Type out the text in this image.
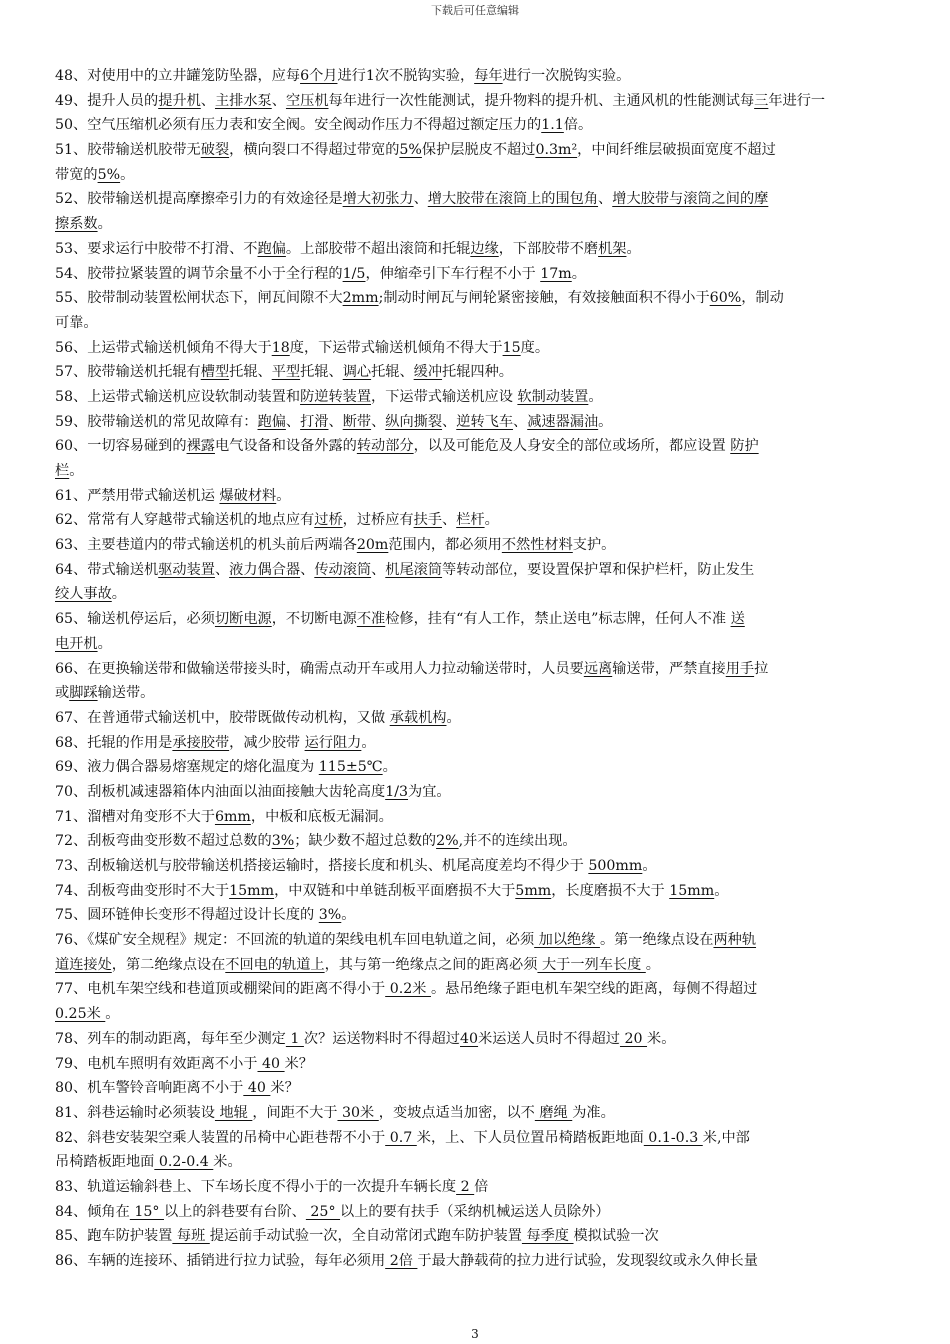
下载后可任意编辑
48、对使用中的立井罐笼防坠器，应每6个月进行1次不脱钩实验，每年进行一次脱钩实验。
49、提升人员的提升机、主排水泵、空压机每年进行一次性能测试，提升物料的提升机、主通风机的性能测试每三年进行一
50、空气压缩机必须有压力表和安全阀。安全阀动作压力不得超过额定压力的1.1倍。
51、胶带输送机胶带无破裂，横向裂口不得超过带宽的5%保护层脱皮不超过0.3m²，中间纤维层破损面宽度不超过
带宽的5%。
52、胶带输送机提高摩擦牵引力的有效途径是增大初张力、增大胶带在滚筒上的围包角、增大胶带与滚筒之间的摩
擦系数。
53、要求运行中胶带不打滑、不跑偏。上部胶带不超出滚筒和托辊边缘，下部胶带不磨机架。
54、胶带拉紧装置的调节余量不小于全行程的1/5，伸缩牵引下车行程不小于 17m。
55、胶带制动装置松闸状态下，闸瓦间隙不大2mm;制动时闸瓦与闸轮紧密接触，有效接触面积不得小于60%，制动
可靠。
56、上运带式输送机倾角不得大于18度，下运带式输送机倾角不得大于15度。
57、胶带输送机托辊有槽型托辊、平型托辊、调心托辊、缓冲托辊四种。
58、上运带式输送机应设软制动装置和防逆转装置，下运带式输送机应设 软制动装置。
59、胶带输送机的常见故障有：跑偏、打滑、断带、纵向撕裂、逆转飞车、减速器漏油。
60、一切容易碰到的裸露电气设备和设备外露的转动部分，以及可能危及人身安全的部位或场所，都应设置 防护
栏。
61、严禁用带式输送机运 爆破材料。
62、常常有人穿越带式输送机的地点应有过桥，过桥应有扶手、栏杆。
63、主要巷道内的带式输送机的机头前后两端各20m范围内，都必须用不然性材料支护。
64、带式输送机驱动装置、液力偶合器、传动滚筒、机尾滚筒等转动部位，要设置保护罩和保护栏杆，防止发生
绞人事故。
65、输送机停运后，必须切断电源，不切断电源不准检修，挂有“有人工作，禁止送电”标志牌，任何人不准 送
电开机。
66、在更换输送带和做输送带接头时，确需点动开车或用人力拉动输送带时，人员要远离输送带，严禁直接用手拉
或脚踩输送带。
67、在普通带式输送机中，胶带既做传动机构，又做 承载机构。
68、托辊的作用是承接胶带，减少胶带 运行阻力。
69、液力偶合器易熔塞规定的熔化温度为 115±5℃。
70、刮板机减速器箱体内油面以油面接触大齿轮高度1/3为宜。
71、溜槽对角变形不大于6mm，中板和底板无漏洞。
72、刮板弯曲变形数不超过总数的3%；缺少数不超过总数的2%,并不的连续出现。
73、刮板输送机与胶带输送机搭接运输时，搭接长度和机头、机尾高度差均不得少于 500mm。
74、刮板弯曲变形时不大于15mm，中双链和中单链刮板平面磨损不大于5mm，长度磨损不大于 15mm。
75、圆环链伸长变形不得超过设计长度的 3%。
76、《煤矿安全规程》规定：不回流的轨道的架线电机车回电轨道之间，必须 加以绝缘 。第一绝缘点设在两种轨
道连接处，第二绝缘点设在不回电的轨道上，其与第一绝缘点之间的距离必须 大于一列车长度 。
77、电机车架空线和巷道顶或棚梁间的距离不得小于 0.2米 。悬吊绝缘子距电机车架空线的距离，每侧不得超过
0.25米 。
78、列车的制动距离，每年至少测定 1 次？运送物料时不得超过40米运送人员时不得超过 20 米。
79、电机车照明有效距离不小于 40 米？
80、机车警铃音响距离不小于 40 米？
81、斜巷运输时必须装设 地辊 ，间距不大于 30米 ，变坡点适当加密，以不 磨绳 为准。
82、斜巷安装架空乘人装置的吊椅中心距巷帮不小于 0.7 米，上、下人员位置吊椅踏板距地面 0.1-0.3 米,中部
吊椅踏板距地面 0.2-0.4 米。
83、轨道运输斜巷上、下车场长度不得小于的一次提升车辆长度 2 倍
84、倾角在 15° 以上的斜巷要有台阶、 25° 以上的要有扶手（采纳机械运送人员除外）
85、跑车防护装置 每班 提运前手动试验一次，全自动常闭式跑车防护装置 每季度 模拟试验一次
86、车辆的连接环、插销进行拉力试验，每年必须用 2倍 于最大静载荷的拉力进行试验，发现裂纹或永久伸长量
3
